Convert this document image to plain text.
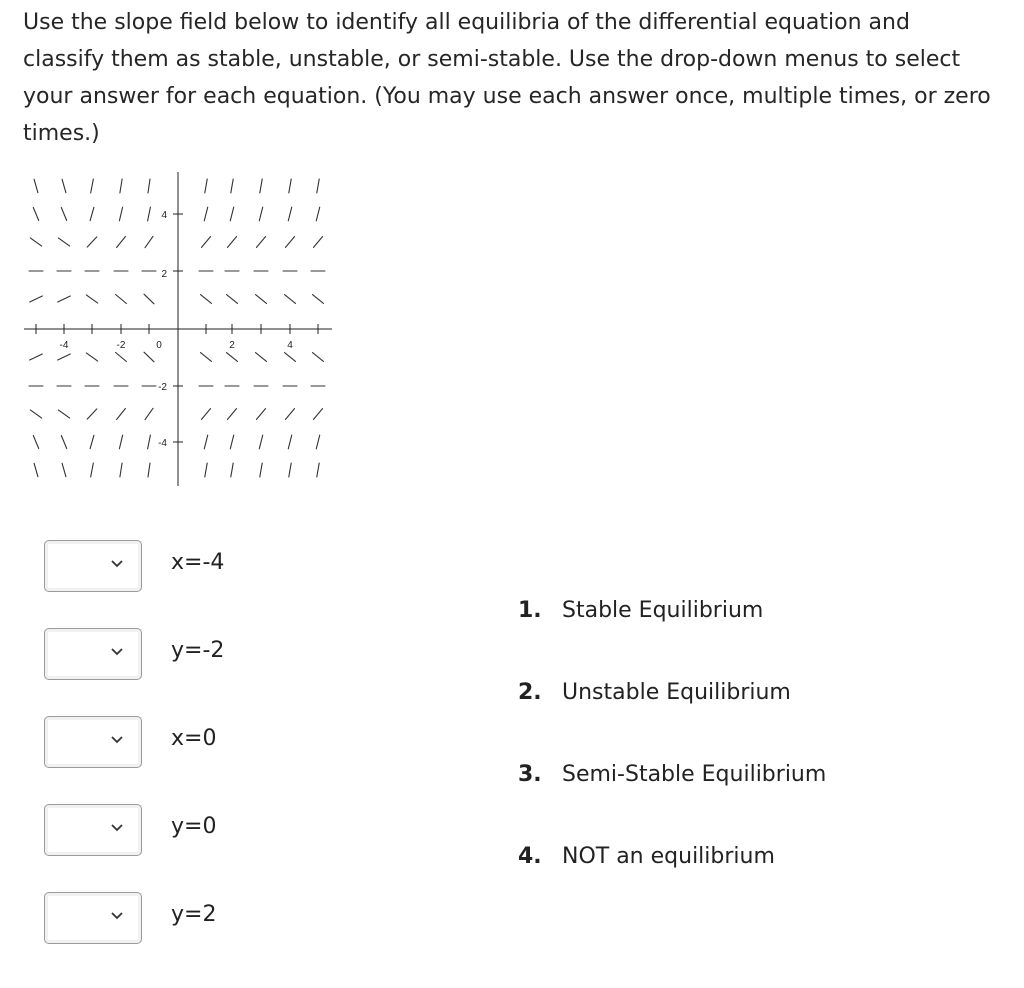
Use the slope field below to identify all equilibria of the differential equation and classify them as stable, unstable, or semi-stable. Use the drop-down menus to select your answer for each equation. (You may use each answer once, multiple times, or zero times.)

-4	-2	0	2	4
4
2
-2
-4
x=-4
y=-2
x=0
y=0
y=2
1. Stable Equilibrium
2. Unstable Equilibrium
3. Semi-Stable Equilibrium
4. NOT an equilibrium
